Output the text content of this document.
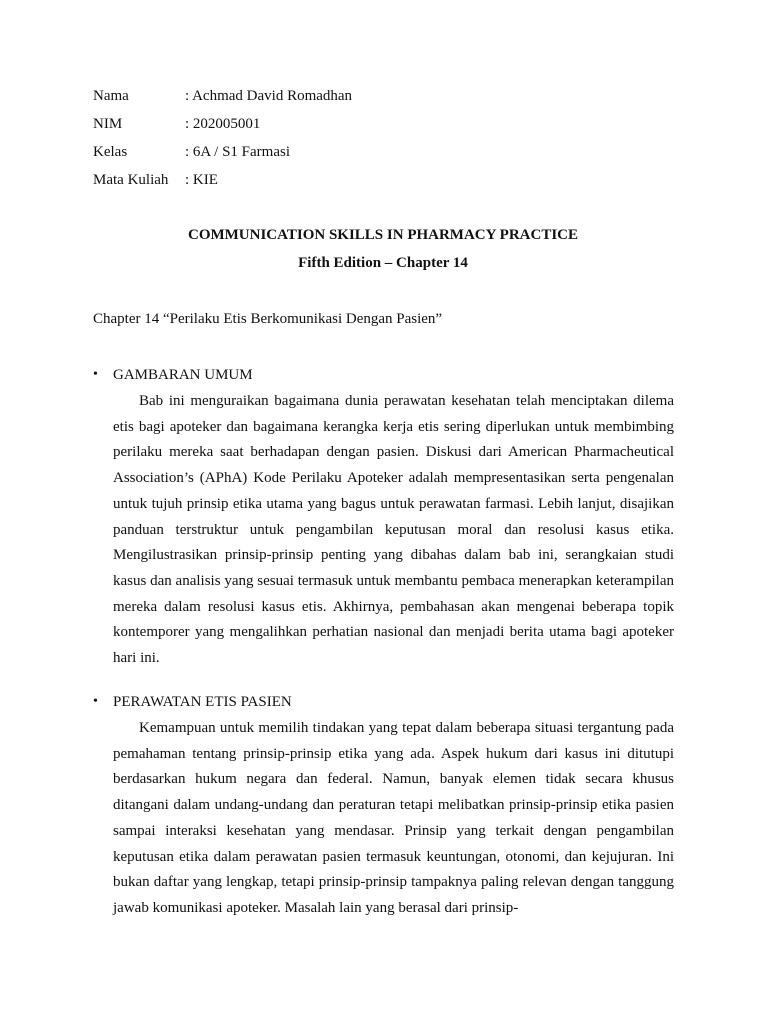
Nama	: Achmad David Romadhan
NIM	: 202005001
Kelas	: 6A / S1 Farmasi
Mata Kuliah	: KIE
COMMUNICATION SKILLS IN PHARMACY PRACTICE
Fifth Edition – Chapter 14
Chapter 14 “Perilaku Etis Berkomunikasi Dengan Pasien”
•	GAMBARAN UMUM
Bab ini menguraikan bagaimana dunia perawatan kesehatan telah menciptakan dilema etis bagi apoteker dan bagaimana kerangka kerja etis sering diperlukan untuk membimbing perilaku mereka saat berhadapan dengan pasien. Diskusi dari American Pharmacheutical Association’s (APhA) Kode Perilaku Apoteker adalah mempresentasikan serta pengenalan untuk tujuh prinsip etika utama yang bagus untuk perawatan farmasi. Lebih lanjut, disajikan panduan terstruktur untuk pengambilan keputusan moral dan resolusi kasus etika. Mengilustrasikan prinsip-prinsip penting yang dibahas dalam bab ini, serangkaian studi kasus dan analisis yang sesuai termasuk untuk membantu pembaca menerapkan keterampilan mereka dalam resolusi kasus etis. Akhirnya, pembahasan akan mengenai beberapa topik kontemporer yang mengalihkan perhatian nasional dan menjadi berita utama bagi apoteker hari ini.
•	PERAWATAN ETIS PASIEN
Kemampuan untuk memilih tindakan yang tepat dalam beberapa situasi tergantung pada pemahaman tentang prinsip-prinsip etika yang ada. Aspek hukum dari kasus ini ditutupi berdasarkan hukum negara dan federal. Namun, banyak elemen tidak secara khusus ditangani dalam undang-undang dan peraturan tetapi melibatkan prinsip-prinsip etika pasien sampai interaksi kesehatan yang mendasar. Prinsip yang terkait dengan pengambilan keputusan etika dalam perawatan pasien termasuk keuntungan, otonomi, dan kejujuran. Ini bukan daftar yang lengkap, tetapi prinsip-prinsip tampaknya paling relevan dengan tanggung jawab komunikasi apoteker. Masalah lain yang berasal dari prinsip-
